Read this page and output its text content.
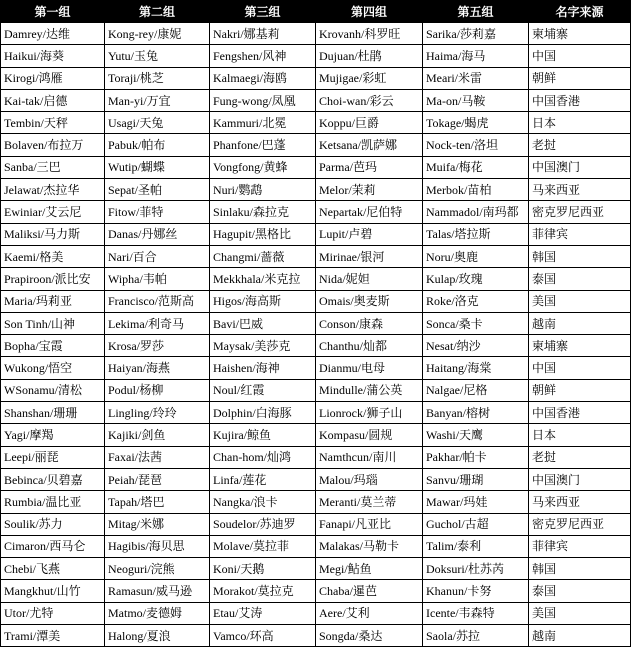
第一组	第二组	第三组	第四组	第五组	名字来源
Damrey/达维	Kong-rey/康妮	Nakri/娜基莉	Krovanh/科罗旺	Sarika/莎莉嘉	柬埔寨
Haikui/海葵	Yutu/玉兔	Fengshen/风神	Dujuan/杜鹃	Haima/海马	中国
Kirogi/鸿雁	Toraji/桃芝	Kalmaegi/海鸥	Mujigae/彩虹	Meari/米雷	朝鲜
Kai-tak/启德	Man-yi/万宜	Fung-wong/凤凰	Choi-wan/彩云	Ma-on/马鞍	中国香港
Tembin/天秤	Usagi/天兔	Kammuri/北冕	Koppu/巨爵	Tokage/蝎虎	日本
Bolaven/布拉万	Pabuk/帕布	Phanfone/巴蓬	Ketsana/凯萨娜	Nock-ten/洛坦	老挝
Sanba/三巴	Wutip/蝴蝶	Vongfong/黄蜂	Parma/芭玛	Muifa/梅花	中国澳门
Jelawat/杰拉华	Sepat/圣帕	Nuri/鹦鹉	Melor/茉莉	Merbok/苗柏	马来西亚
Ewiniar/艾云尼	Fitow/菲特	Sinlaku/森拉克	Nepartak/尼伯特	Nammadol/南玛都	密克罗尼西亚
Maliksi/马力斯	Danas/丹娜丝	Hagupit/黑格比	Lupit/卢碧	Talas/塔拉斯	菲律宾
Kaemi/格美	Nari/百合	Changmi/蔷薇	Mirinae/银河	Noru/奥鹿	韩国
Prapiroon/派比安	Wipha/韦帕	Mekkhala/米克拉	Nida/妮妲	Kulap/玫瑰	泰国
Maria/玛莉亚	Francisco/范斯高	Higos/海高斯	Omais/奥麦斯	Roke/洛克	美国
Son Tinh/山神	Lekima/利奇马	Bavi/巴威	Conson/康森	Sonca/桑卡	越南
Bopha/宝霞	Krosa/罗莎	Maysak/美莎克	Chanthu/灿都	Nesat/纳沙	柬埔寨
Wukong/悟空	Haiyan/海燕	Haishen/海神	Dianmu/电母	Haitang/海棠	中国
WSonamu/清松	Podul/杨柳	Noul/红霞	Mindulle/蒲公英	Nalgae/尼格	朝鲜
Shanshan/珊珊	Lingling/玲玲	Dolphin/白海豚	Lionrock/狮子山	Banyan/榕树	中国香港
Yagi/摩羯	Kajiki/剑鱼	Kujira/鲸鱼	Kompasu/圆规	Washi/天鹰	日本
Leepi/丽琵	Faxai/法茜	Chan-hom/灿鸿	Namthcun/南川	Pakhar/帕卡	老挝
Bebinca/贝碧嘉	Peiah/琵琶	Linfa/莲花	Malou/玛瑙	Sanvu/珊瑚	中国澳门
Rumbia/温比亚	Tapah/塔巴	Nangka/浪卡	Meranti/莫兰蒂	Mawar/玛娃	马来西亚
Soulik/苏力	Mitag/米娜	Soudelor/苏迪罗	Fanapi/凡亚比	Guchol/古超	密克罗尼西亚
Cimaron/西马仑	Hagibis/海贝思	Molave/莫拉菲	Malakas/马勒卡	Talim/泰利	菲律宾
Chebi/飞燕	Neoguri/浣熊	Koni/天鹅	Megi/鲇鱼	Doksuri/杜苏芮	韩国
Mangkhut/山竹	Ramasun/威马逊	Morakot/莫拉克	Chaba/暹芭	Khanun/卡努	泰国
Utor/尤特	Matmo/麦德姆	Etau/艾涛	Aere/艾利	Icente/韦森特	美国
Trami/潭美	Halong/夏浪	Vamco/环高	Songda/桑达	Saola/苏拉	越南
